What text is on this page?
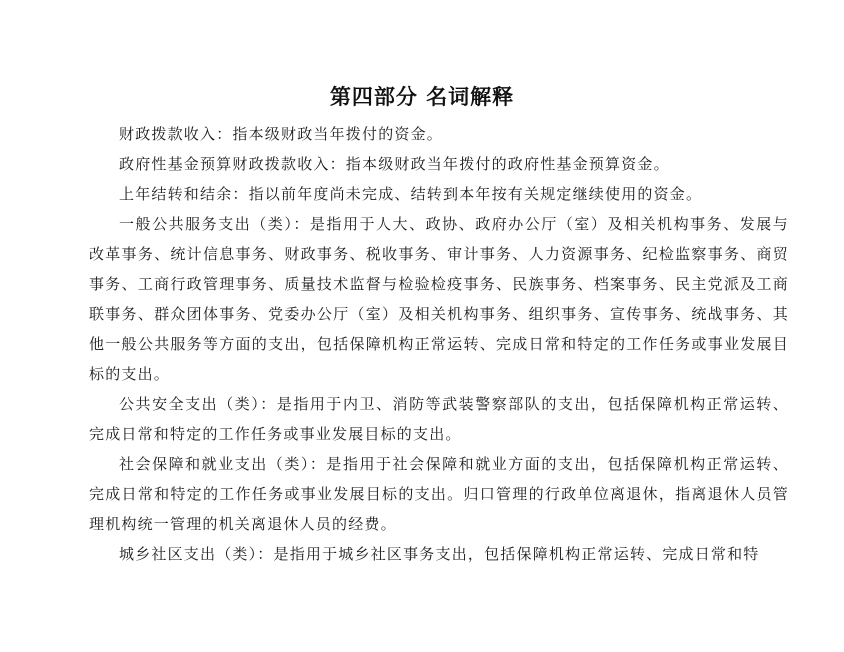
第四部分 名词解释

财政拨款收入：指本级财政当年拨付的资金。

政府性基金预算财政拨款收入：指本级财政当年拨付的政府性基金预算资金。

上年结转和结余：指以前年度尚未完成、结转到本年按有关规定继续使用的资金。

一般公共服务支出（类）：是指用于人大、政协、政府办公厅（室）及相关机构事务、发展与改革事务、统计信息事务、财政事务、税收事务、审计事务、人力资源事务、纪检监察事务、商贸事务、工商行政管理事务、质量技术监督与检验检疫事务、民族事务、档案事务、民主党派及工商联事务、群众团体事务、党委办公厅（室）及相关机构事务、组织事务、宣传事务、统战事务、其他一般公共服务等方面的支出，包括保障机构正常运转、完成日常和特定的工作任务或事业发展目标的支出。

公共安全支出（类）：是指用于内卫、消防等武装警察部队的支出，包括保障机构正常运转、完成日常和特定的工作任务或事业发展目标的支出。

社会保障和就业支出（类）：是指用于社会保障和就业方面的支出，包括保障机构正常运转、完成日常和特定的工作任务或事业发展目标的支出。归口管理的行政单位离退休，指离退休人员管理机构统一管理的机关离退休人员的经费。

城乡社区支出（类）：是指用于城乡社区事务支出，包括保障机构正常运转、完成日常和特
